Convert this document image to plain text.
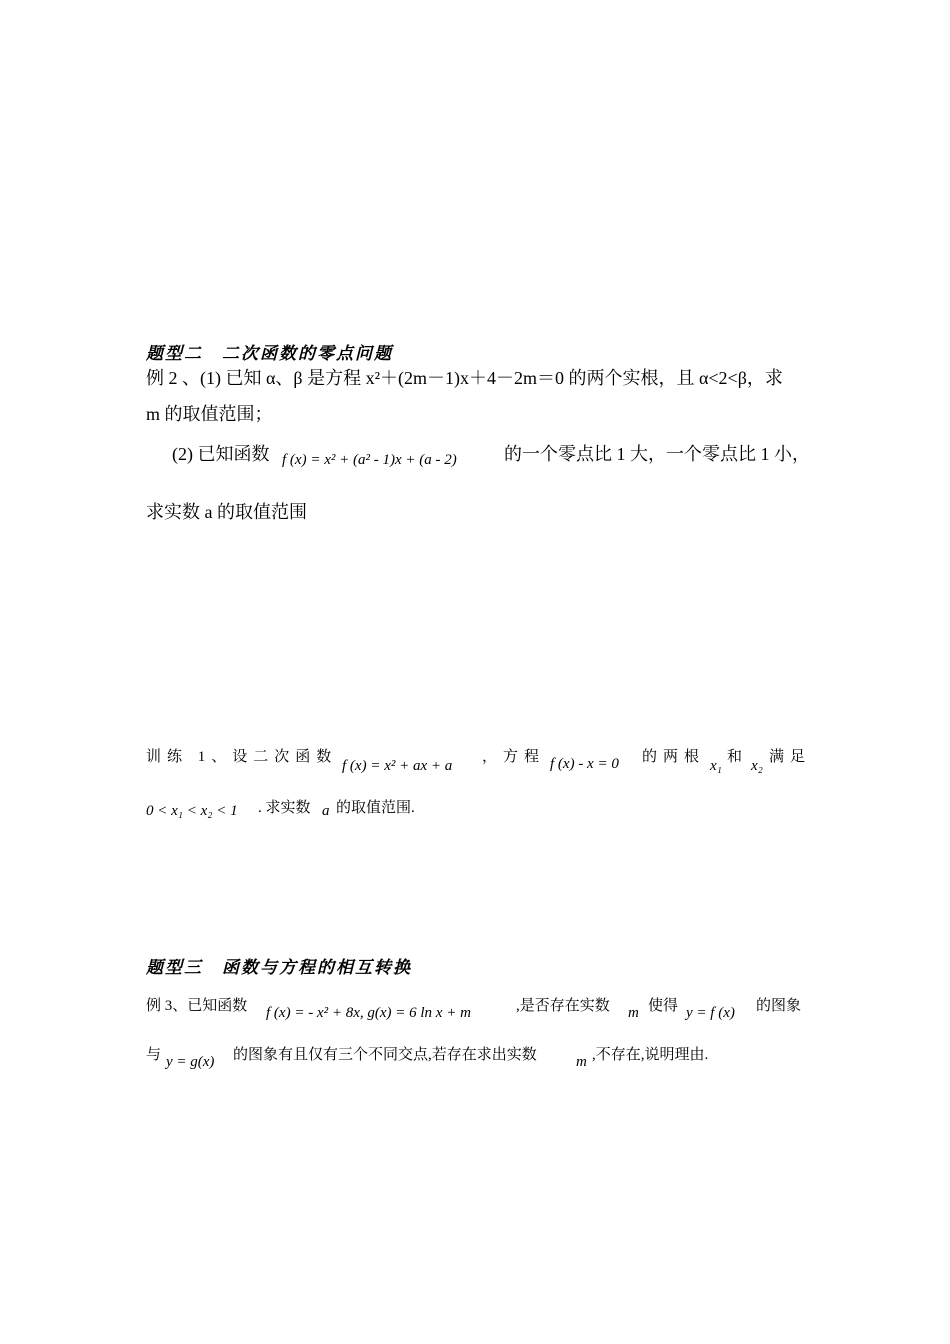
题型二　二次函数的零点问题
例 2 、(1) 已知 α、β 是方程 x²＋(2m－1)x＋4－2m＝0 的两个实根，且 α<2<β，求
m 的取值范围；
(2) 已知函数 f (x) = x² + (a² - 1)x + (a - 2)	的一个零点比 1 大，一个零点比 1 小，
求实数 a 的取值范围
训练 1、设二次函数
f (x) = x² + ax + a
，方程 f (x) - x = 0 的两根
x₁
和
x₂
满足
0 < x₁ < x₂ < 1 . 求实数 a 的取值范围.
题型三　函数与方程的相互转换
例 3、已知函数 f (x) = - x² + 8x, g(x) = 6 ln x + m	,是否存在实数 m 使得 y = f (x) 的图象
与 y = g(x) 的图象有且仅有三个不同交点,若存在求出实数	m ,不存在,说明理由.
